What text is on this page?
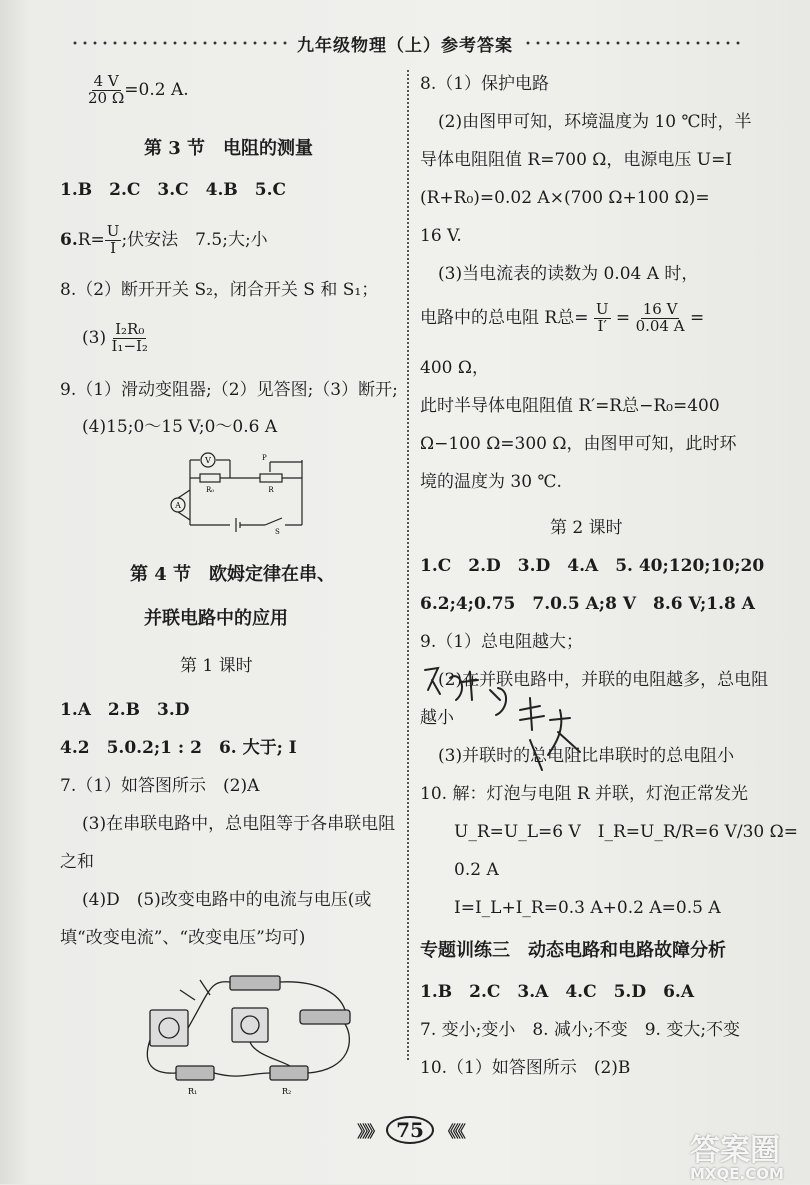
九年级物理（上）参考答案
$\frac{4 V}{20 \Omega} =0.2$ A.
第 3 节　电阻的测量
1.B　2.C　3.C　4.B　5.C
$6.R= \frac{U}{I}$ ;伏安法　7.5;大;小
8.（2）断开开关 S₂，闭合开关 S 和 S₁；
$(3) \frac{\text{I₂R₀}}{\text{I₁−I₂}}$
9.（1）滑动变阻器;（2）见答图;（3）断开;
(4)15;0～15 V;0～0.6 A
V
A
R₀	R
P
S
第 4 节　欧姆定律在串、
并联电路中的应用
第 1 课时
1.A　2.B　3.D
4.2　5.0.2;1 : 2　6. 大于; Ⅰ
7.（1）如答图所示　(2)A
(3)在串联电路中，总电阻等于各串联电阻
之和
(4)D　(5)改变电路中的电流与电压(或
填“改变电流”、“改变电压”均可)
R₁	R₂
8.（1）保护电路
(2)由图甲可知，环境温度为 10 ℃时，半
导体电阻阻值 R=700 Ω，电源电压 U=I
(R+R₀)=0.02 A×(700 Ω+100 Ω)=
16 V.
(3)当电流表的读数为 0.04 A 时，
电路中的总电阻 R总= $\frac{U}{I'} = \frac{16 V}{0.04 A}$ =
400 Ω，
此时半导体电阻阻值 R′=R总−R₀=400
Ω−100 Ω=300 Ω，由图甲可知，此时环
境的温度为 30 ℃.
第 2 课时
1.C　2.D　3.D　4.A　5. 40;120;10;20
6.2;4;0.75　7.0.5 A;8 V　8.6 V;1.8 A
9.（1）总电阻越大；
(2)在并联电路中，并联的电阻越多，总电阻
越小
(3)并联时的总电阻比串联时的总电阻小
10. 解：灯泡与电阻 R 并联，灯泡正常发光
U_R=U_L=6 V　I_R=U_R/R=6 V/30 Ω=
0.2 A
I=I_L+I_R=0.3 A+0.2 A=0.5 A
专题训练三　动态电路和电路故障分析
1.B　2.C　3.A　4.C　5.D　6.A
7. 变小;变小　8. 减小;不变　9. 变大;不变
10.（1）如答图所示　(2)B
》》》 75	《《《
答案圈
MXQE.COM
